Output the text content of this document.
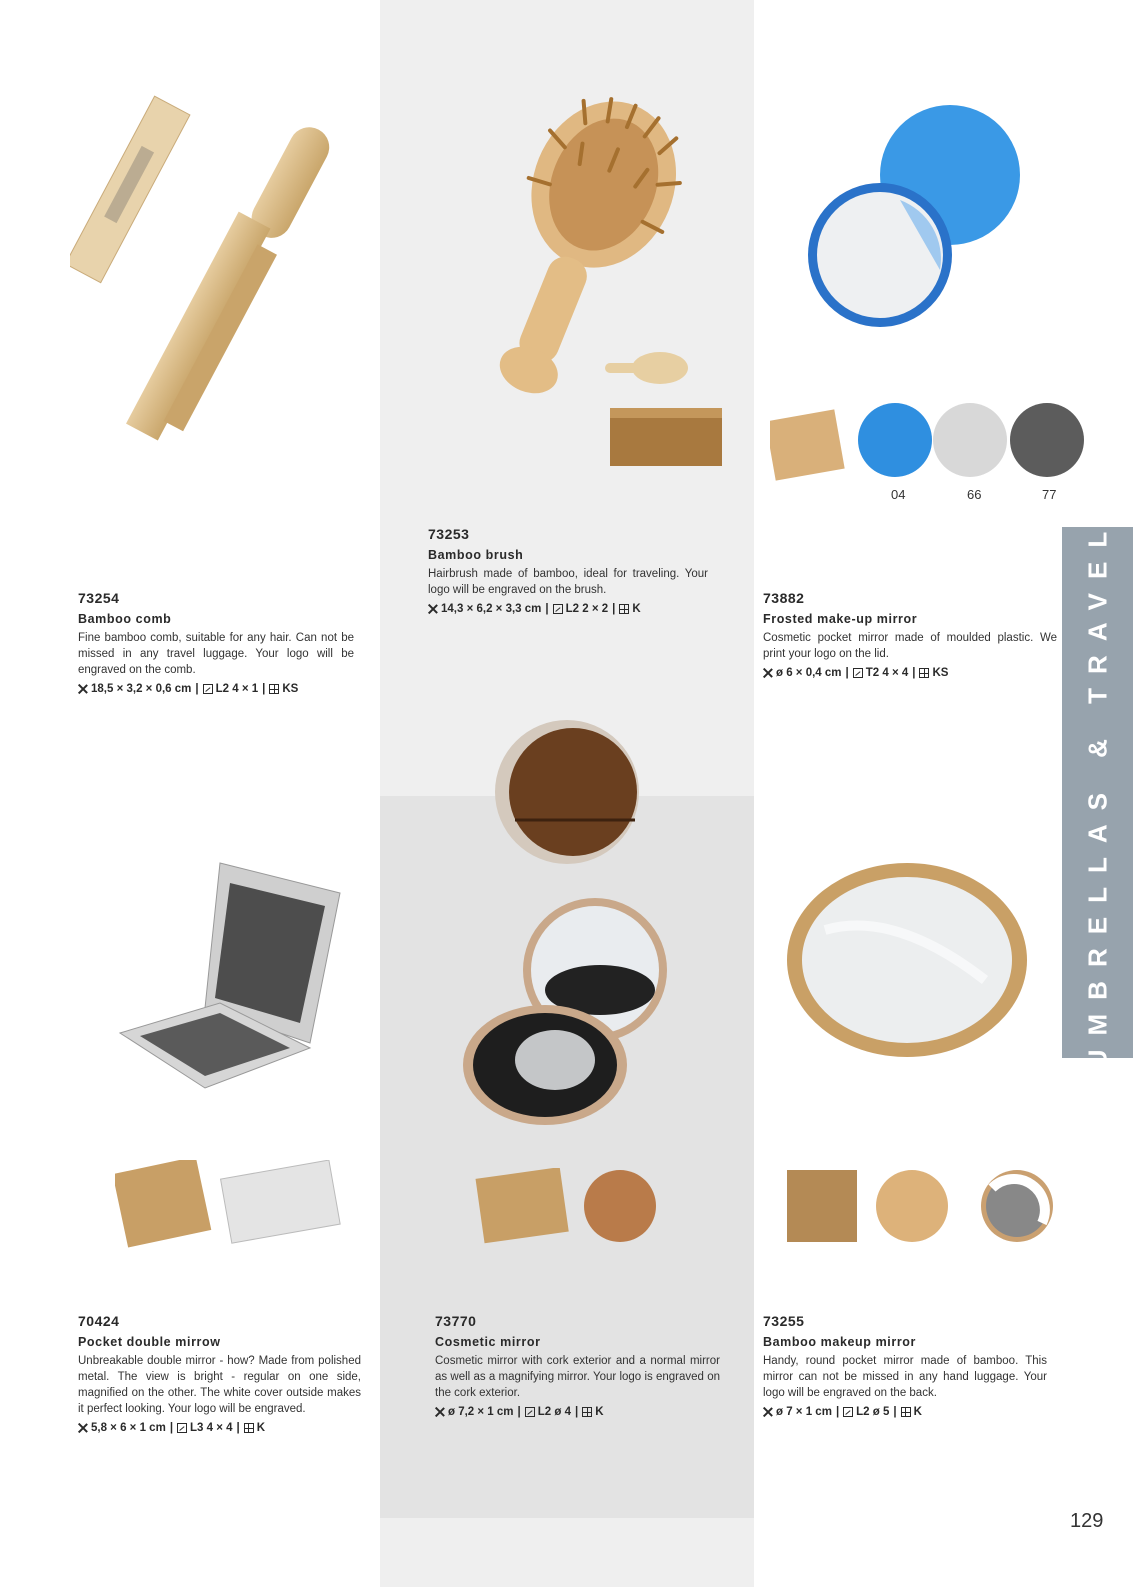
04	66	77
73254
Bamboo comb
Fine bamboo comb, suitable for any hair. Can not be missed in any travel luggage. Your logo will be engraved on the comb.
18,5 × 3,2 × 0,6 cm | L2 4 × 1 | KS
73253
Bamboo brush
Hairbrush made of bamboo, ideal for traveling. Your logo will be engraved on the brush.
14,3 × 6,2 × 3,3 cm | L2 2 × 2 | K
73882
Frosted make-up mirror
Cosmetic pocket mirror made of moulded plastic. We print your logo on the lid.
ø 6 × 0,4 cm | T2 4 × 4 | KS
70424
Pocket double mirrow
Unbreakable double mirror - how? Made from polished metal. The view is bright - regular on one side, magnified on the other. The white cover outside makes it perfect looking. Your logo will be engraved.
5,8 × 6 × 1 cm | L3 4 × 4 | K
73770
Cosmetic mirror
Cosmetic mirror with cork exterior and a normal mirror as well as a magnifying mirror. Your logo is engraved on the cork exterior.
ø 7,2 × 1 cm | L2 ø 4 | K
73255
Bamboo makeup mirror
Handy, round pocket mirror made of bamboo. This mirror can not be missed in any hand luggage. Your logo will be engraved on the back.
ø 7 × 1 cm | L2 ø 5 | K
UMBRELLAS & TRAVEL
129
